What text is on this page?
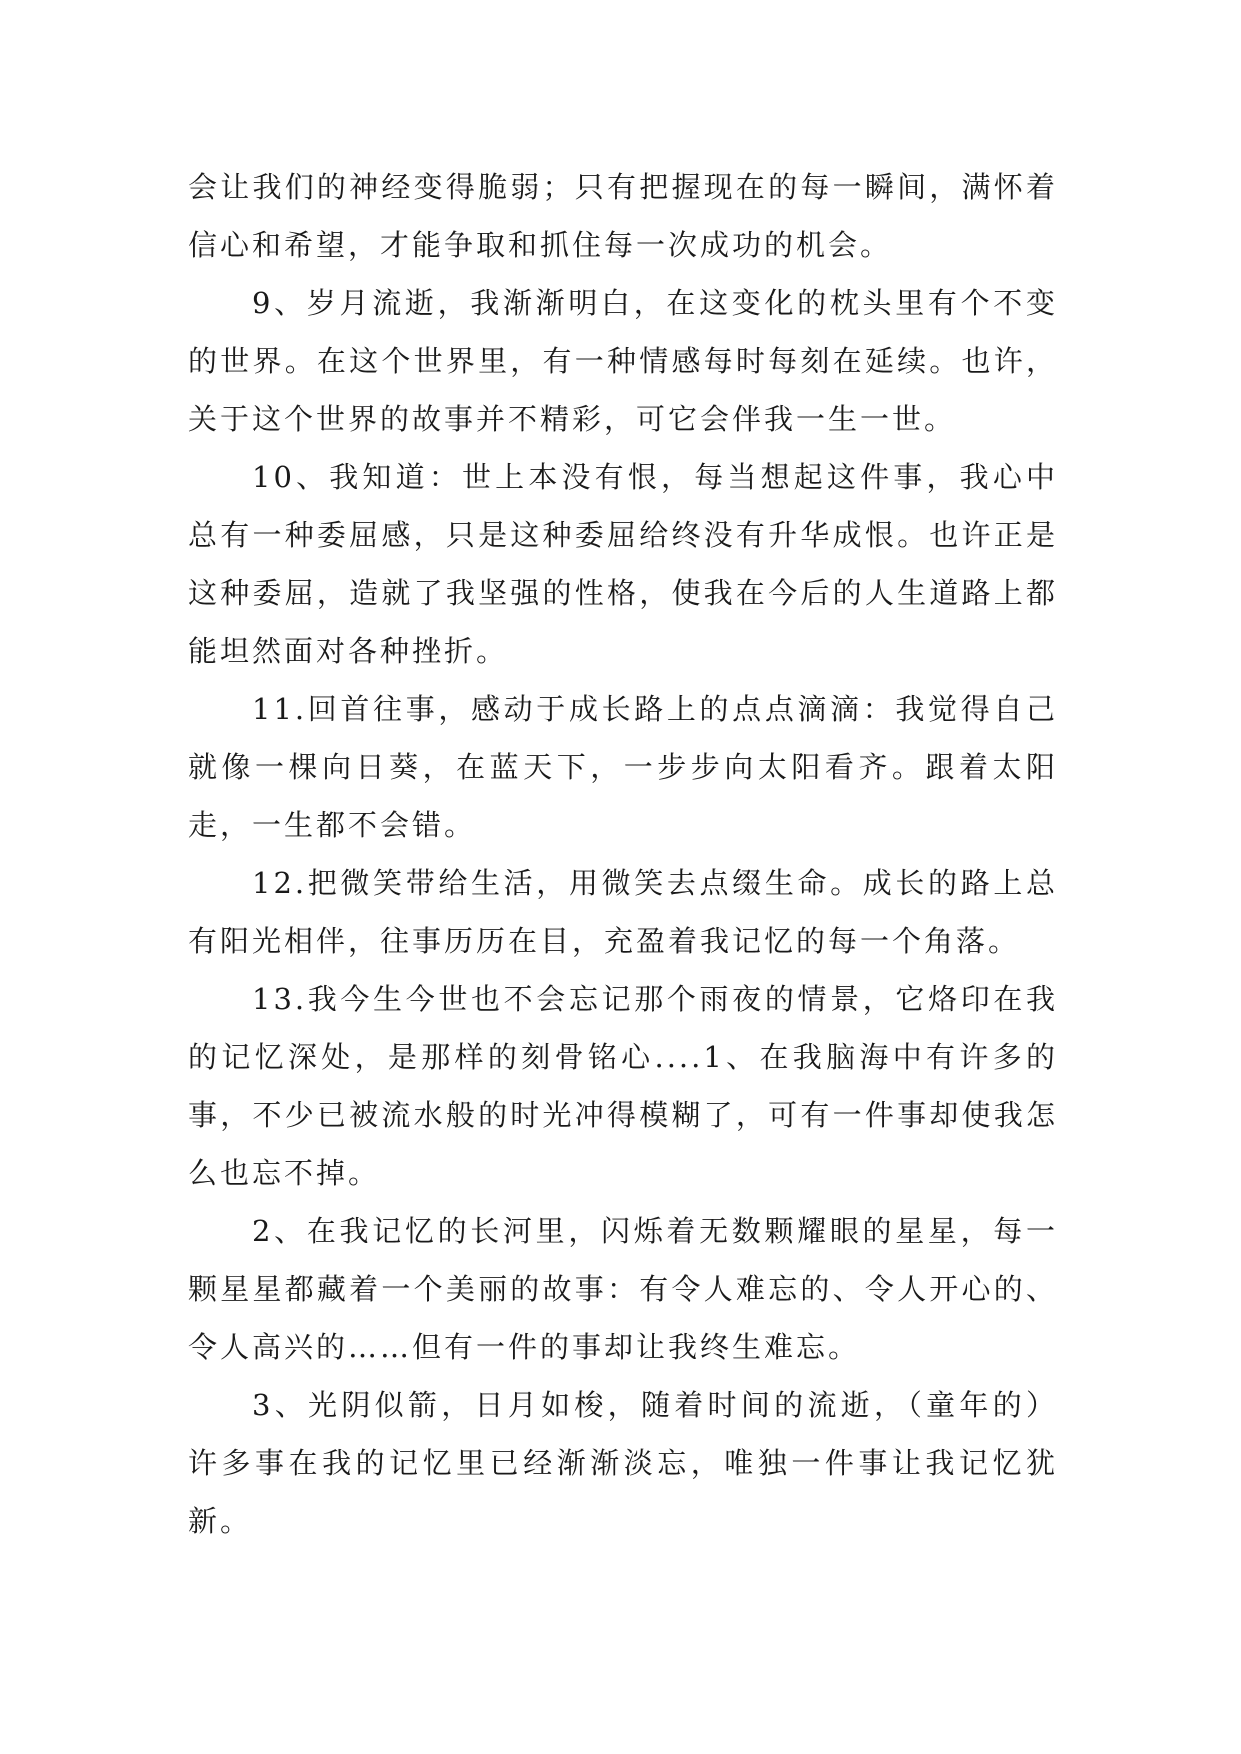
会让我们的神经变得脆弱；只有把握现在的每一瞬间，满怀着信心和希望，才能争取和抓住每一次成功的机会。

9、岁月流逝，我渐渐明白，在这变化的枕头里有个不变的世界。在这个世界里，有一种情感每时每刻在延续。也许，关于这个世界的故事并不精彩，可它会伴我一生一世。

10、我知道：世上本没有恨，每当想起这件事，我心中总有一种委屈感，只是这种委屈给终没有升华成恨。也许正是这种委屈，造就了我坚强的性格，使我在今后的人生道路上都能坦然面对各种挫折。

11.回首往事，感动于成长路上的点点滴滴：我觉得自己就像一棵向日葵，在蓝天下，一步步向太阳看齐。跟着太阳走，一生都不会错。

12.把微笑带给生活，用微笑去点缀生命。成长的路上总有阳光相伴，往事历历在目，充盈着我记忆的每一个角落。

13.我今生今世也不会忘记那个雨夜的情景，它烙印在我的记忆深处，是那样的刻骨铭心....1、在我脑海中有许多的事，不少已被流水般的时光冲得模糊了，可有一件事却使我怎么也忘不掉。

2、在我记忆的长河里，闪烁着无数颗耀眼的星星，每一颗星星都藏着一个美丽的故事：有令人难忘的、令人开心的、令人高兴的……但有一件的事却让我终生难忘。

3、光阴似箭，日月如梭，随着时间的流逝，（童年的）许多事在我的记忆里已经渐渐淡忘，唯独一件事让我记忆犹新。
